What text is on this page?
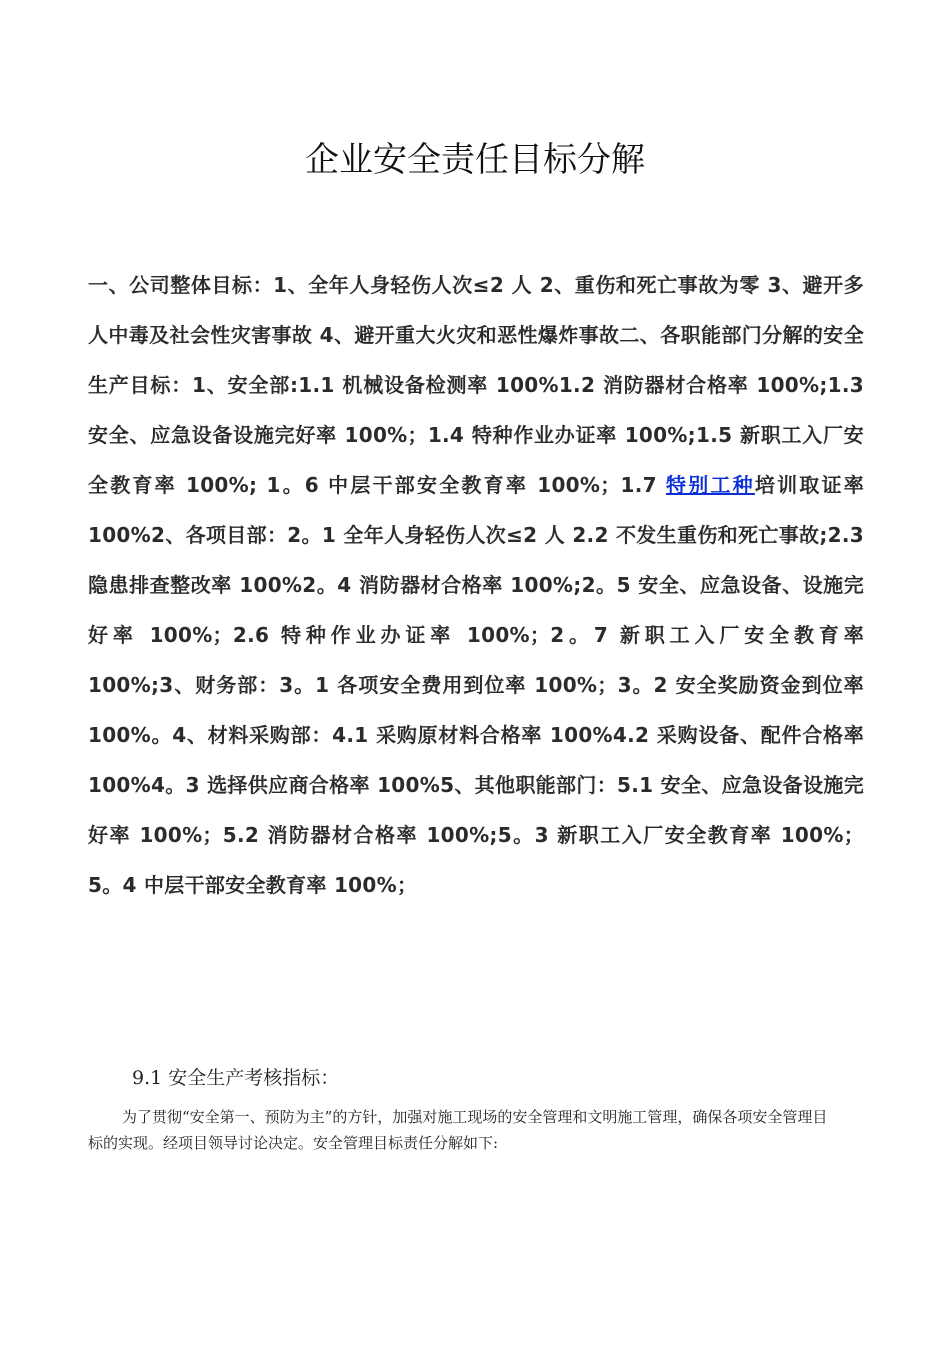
企业安全责任目标分解
一、公司整体目标：1、全年人身轻伤人次≤2 人 2、重伤和死亡事故为零 3、避开多人中毒及社会性灾害事故 4、避开重大火灾和恶性爆炸事故二、各职能部门分解的安全生产目标：1、安全部:1.1 机械设备检测率 100%1.2 消防器材合格率 100%;1.3 安全、应急设备设施完好率 100%；1.4 特种作业办证率 100%;1.5 新职工入厂安全教育率 100%; 1。6 中层干部安全教育率 100%；1.7 特别工种培训取证率 100%2、各项目部：2。1 全年人身轻伤人次≤2 人 2.2 不发生重伤和死亡事故;2.3 隐患排查整改率 100%2。4 消防器材合格率 100%;2。5 安全、应急设备、设施完好率 100%；2.6 特种作业办证率 100%；2。7 新职工入厂安全教育率 100%;3、财务部：3。1 各项安全费用到位率 100%；3。2 安全奖励资金到位率 100%。4、材料采购部：4.1 采购原材料合格率 100%4.2 采购设备、配件合格率 100%4。3 选择供应商合格率 100%5、其他职能部门：5.1 安全、应急设备设施完好率 100%；5.2 消防器材合格率 100%;5。3 新职工入厂安全教育率 100%；5。4 中层干部安全教育率 100%；
9.1 安全生产考核指标：

为了贯彻“安全第一、预防为主”的方针，加强对施工现场的安全管理和文明施工管理，确保各项安全管理目标的实现。经项目领导讨论决定。安全管理目标责任分解如下:
